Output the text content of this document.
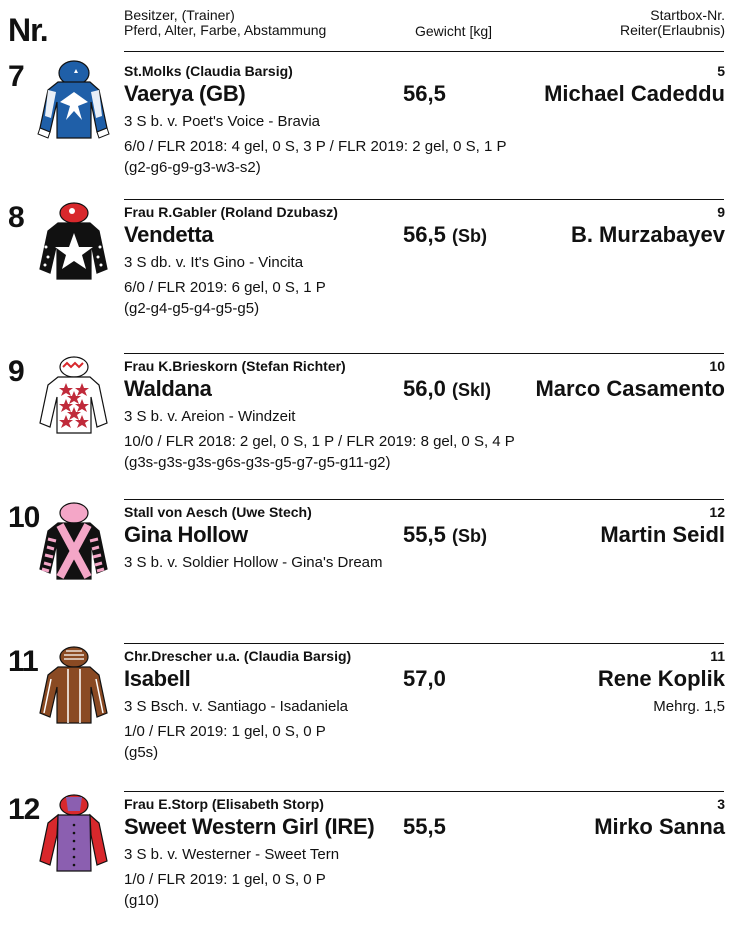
Nr.	Besitzer, (Trainer)
Pferd, Alter, Farbe, Abstammung	Gewicht [kg]
Startbox-Nr.
Reiter(Erlaubnis)
7	St.Molks (Claudia Barsig)	5
Vaerya (GB)	56,5	Michael Cadeddu
3 S b. v. Poet's Voice - Bravia
6/0 / FLR 2018: 4 gel, 0 S, 3 P / FLR 2019: 2 gel, 0 S, 1 P
(g2-g6-g9-g3-w3-s2)
8	Frau R.Gabler (Roland Dzubasz)	9
Vendetta	56,5 (Sb)	B. Murzabayev
3 S db. v. It's Gino - Vincita
6/0 / FLR 2019: 6 gel, 0 S, 1 P
(g2-g4-g5-g4-g5-g5)
9	Frau K.Brieskorn (Stefan Richter)	10
Waldana	56,0 (Skl) Marco Casamento
3 S b. v. Areion - Windzeit
10/0 / FLR 2018: 2 gel, 0 S, 1 P / FLR 2019: 8 gel, 0 S, 4 P
(g3s-g3s-g3s-g6s-g3s-g5-g7-g5-g11-g2)
10	Stall von Aesch (Uwe Stech)	12
Gina Hollow	55,5 (Sb)	Martin Seidl
3 S b. v. Soldier Hollow - Gina's Dream
11	Chr.Drescher u.a. (Claudia Barsig)	11
Isabell	57,0	Rene Koplik
3 S Bsch. v. Santiago - Isadaniela	Mehrg. 1,5
1/0 / FLR 2019: 1 gel, 0 S, 0 P
(g5s)
12	Frau E.Storp (Elisabeth Storp)	3
Sweet Western Girl (IRE) 55,5	Mirko Sanna
3 S b. v. Westerner - Sweet Tern
1/0 / FLR 2019: 1 gel, 0 S, 0 P
(g10)
